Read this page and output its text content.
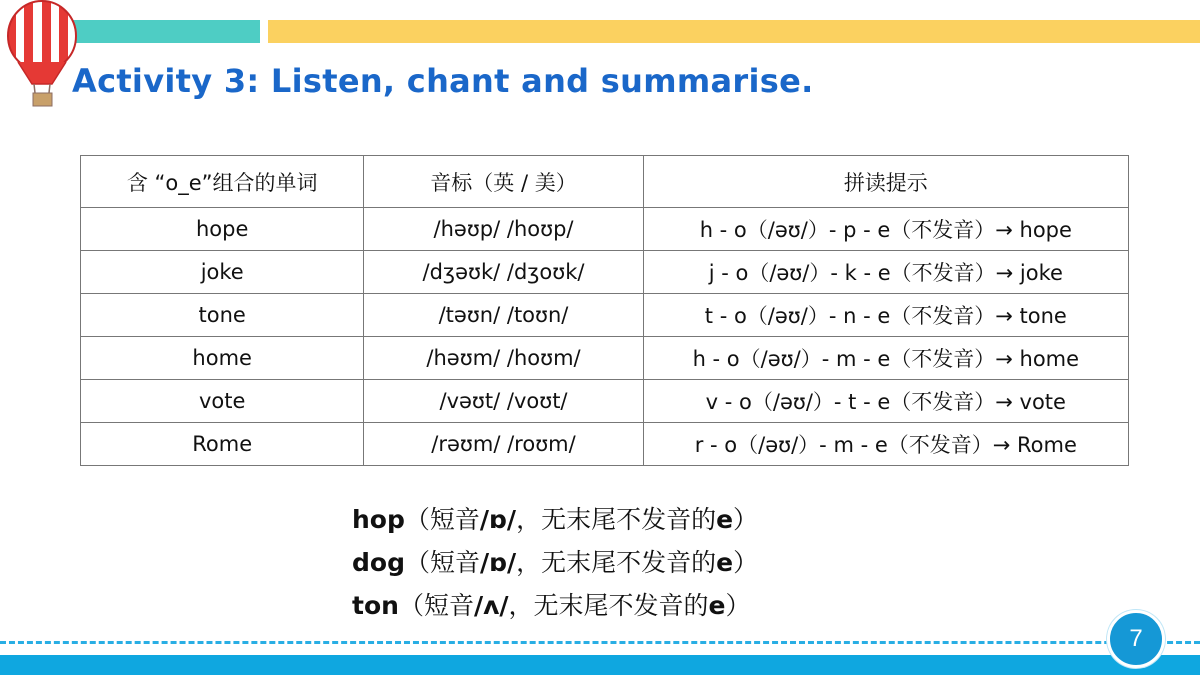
Activity 3: Listen, chant and summarise.
含 “o_e”组合的单词	音标（英 / 美）	拼读提示
hope	/həʊp/ /hoʊp/	h - o（/əʊ/）- p - e（不发音）→ hope
joke	/dʒəʊk/ /dʒoʊk/	j - o（/əʊ/）- k - e（不发音）→ joke
tone	/təʊn/ /toʊn/	t - o（/əʊ/）- n - e（不发音）→ tone
home	/həʊm/ /hoʊm/	h - o（/əʊ/）- m - e（不发音）→ home
vote	/vəʊt/ /voʊt/	v - o（/əʊ/）- t - e（不发音）→ vote
Rome	/rəʊm/ /roʊm/	r - o（/əʊ/）- m - e（不发音）→ Rome
hop（短音/ɒ/，无末尾不发音的e）
dog（短音/ɒ/，无末尾不发音的e）
ton（短音/ʌ/，无末尾不发音的e）
7
